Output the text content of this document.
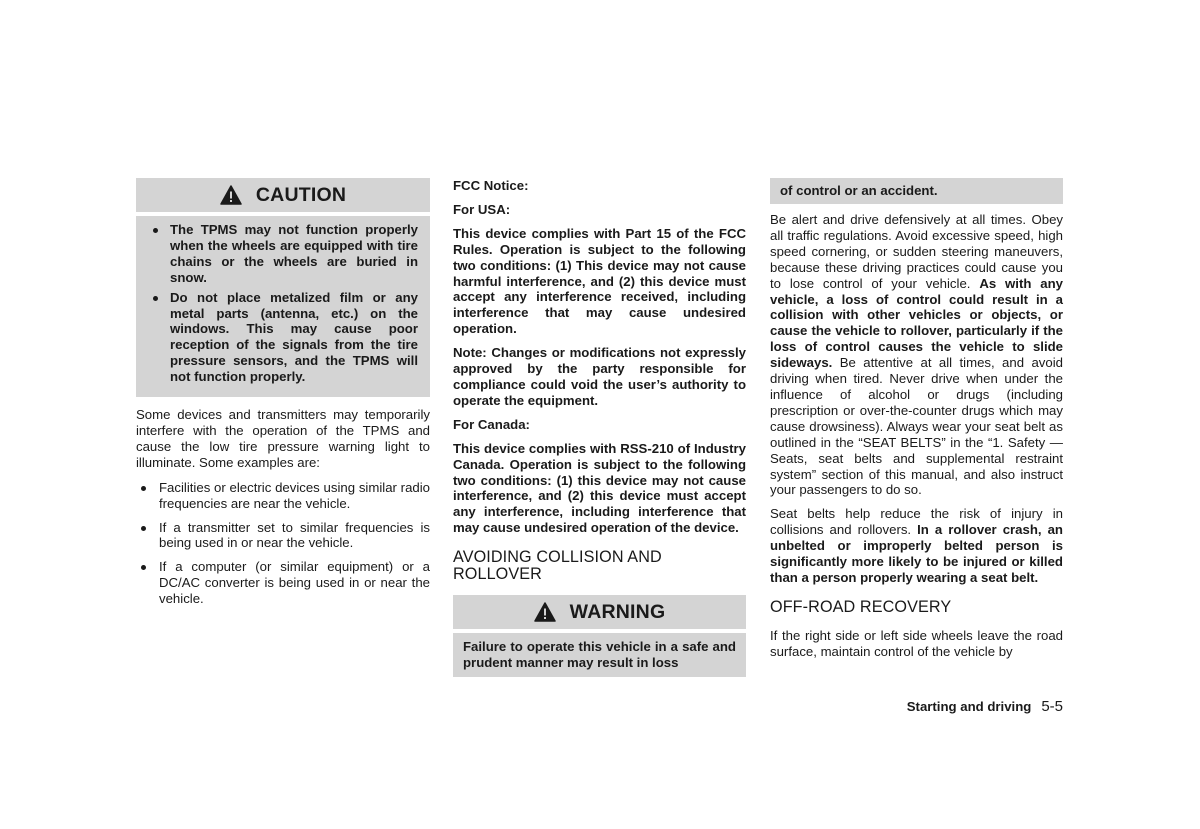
CAUTION
The TPMS may not function properly when the wheels are equipped with tire chains or the wheels are buried in snow.
Do not place metalized film or any metal parts (antenna, etc.) on the windows. This may cause poor reception of the signals from the tire pressure sensors, and the TPMS will not function properly.

Some devices and transmitters may temporarily interfere with the operation of the TPMS and cause the low tire pressure warning light to illuminate. Some examples are:

Facilities or electric devices using similar radio frequencies are near the vehicle.
If a transmitter set to similar frequencies is being used in or near the vehicle.
If a computer (or similar equipment) or a DC/AC converter is being used in or near the vehicle.

FCC Notice:

For USA:

This device complies with Part 15 of the FCC Rules. Operation is subject to the following two conditions: (1) This device may not cause harmful interference, and (2) this device must accept any interference received, including interference that may cause undesired operation.

Note: Changes or modifications not expressly approved by the party responsible for compliance could void the user’s authority to operate the equipment.

For Canada:

This device complies with RSS-210 of Industry Canada. Operation is subject to the following two conditions: (1) this device may not cause interference, and (2) this device must accept any interference, including interference that may cause undesired operation of the device.

AVOIDING COLLISION AND ROLLOVER
WARNING

Failure to operate this vehicle in a safe and prudent manner may result in loss

of control or an accident.

Be alert and drive defensively at all times. Obey all traffic regulations. Avoid excessive speed, high speed cornering, or sudden steering maneuvers, because these driving practices could cause you to lose control of your vehicle. As with any vehicle, a loss of control could result in a collision with other vehicles or objects, or cause the vehicle to rollover, particularly if the loss of control causes the vehicle to slide sideways. Be attentive at all times, and avoid driving when tired. Never drive when under the influence of alcohol or drugs (including prescription or over-the-counter drugs which may cause drowsiness). Always wear your seat belt as outlined in the “SEAT BELTS” in the “1. Safety — Seats, seat belts and supplemental restraint system” section of this manual, and also instruct your passengers to do so.

Seat belts help reduce the risk of injury in collisions and rollovers. In a rollover crash, an unbelted or improperly belted person is significantly more likely to be injured or killed than a person properly wearing a seat belt.

OFF-ROAD RECOVERY

If the right side or left side wheels leave the road surface, maintain control of the vehicle by

Starting and driving 5-5
